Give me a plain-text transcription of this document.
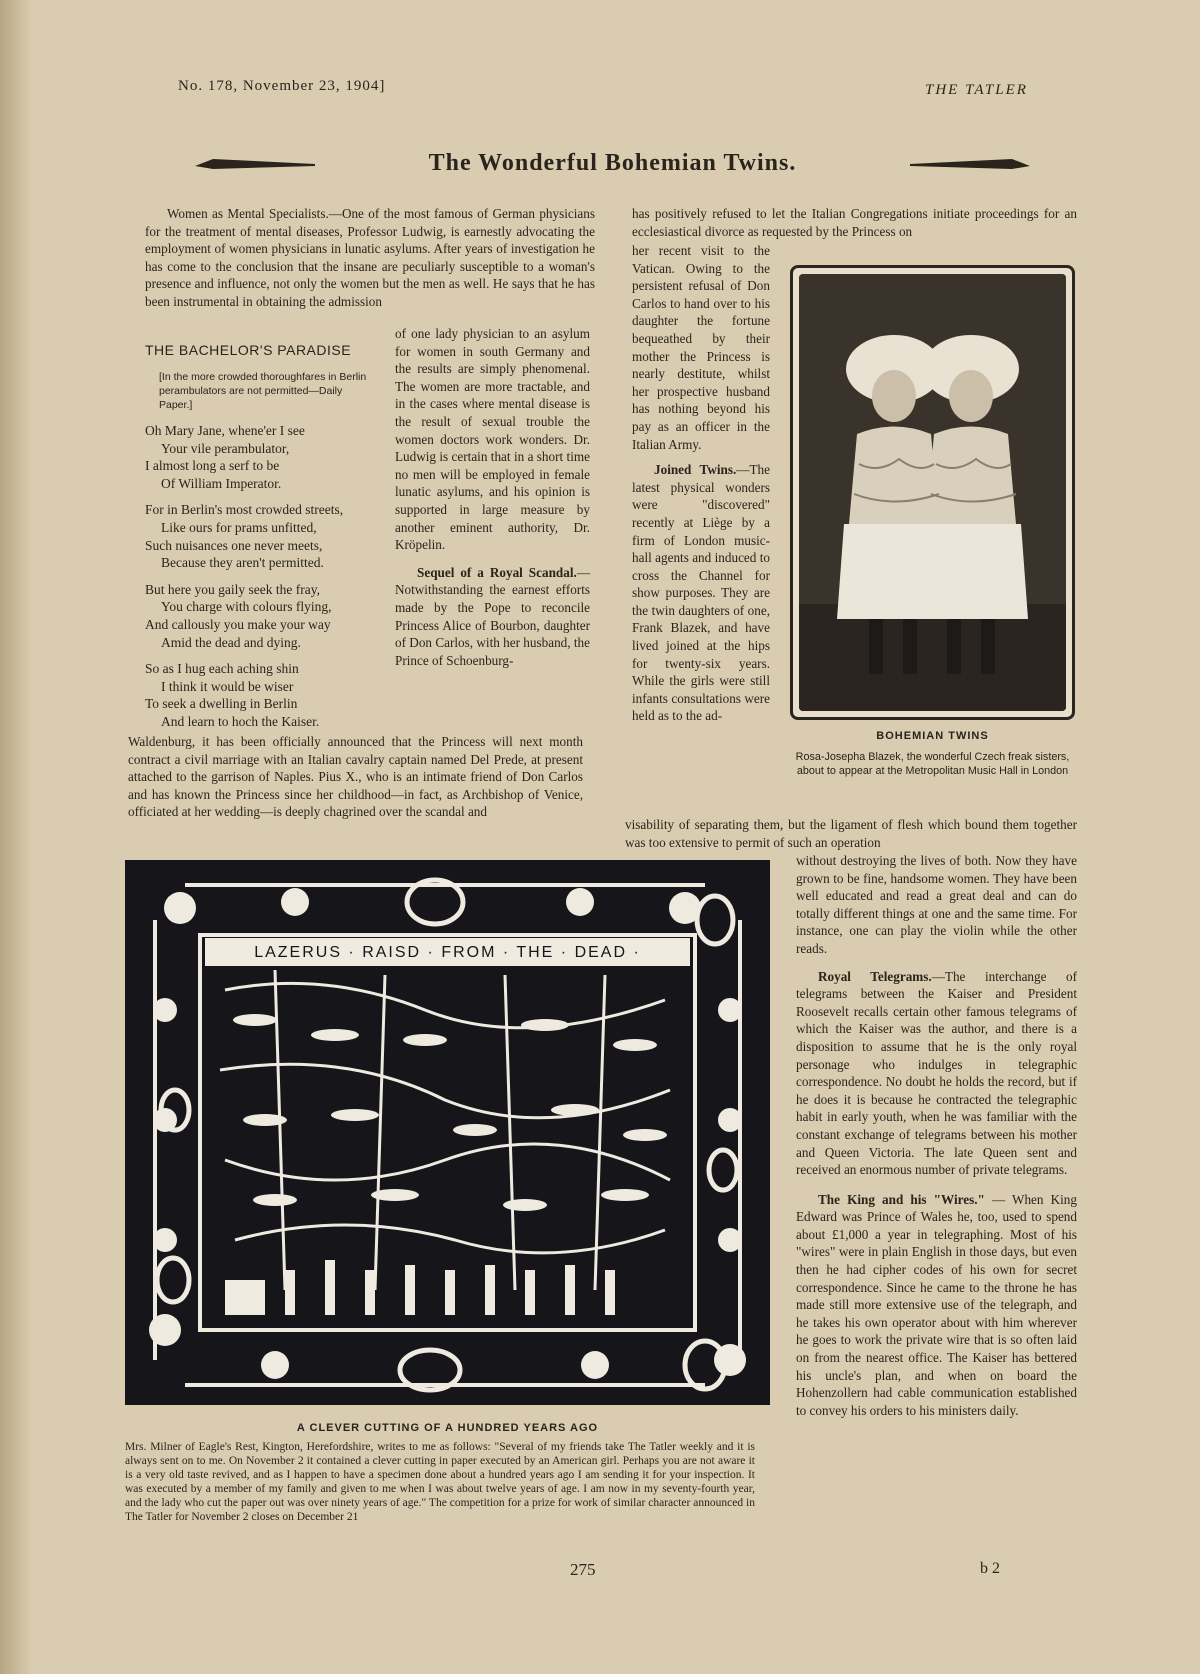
No. 178, November 23, 1904]	THE TATLER
The Wonderful Bohemian Twins.

Women as Mental Specialists.—One of the most famous of German physicians for the treatment of mental diseases, Professor Ludwig, is earnestly advocating the employment of women physicians in lunatic asylums. After years of investigation he has come to the conclusion that the insane are peculiarly susceptible to a woman's presence and influence, not only the women but the men as well. He says that he has been instrumental in obtaining the admission

THE BACHELOR'S PARADISE
[In the more crowded thoroughfares in Berlin perambulators are not permitted—Daily Paper.]
Oh Mary Jane, whene'er I see
Your vile perambulator,
I almost long a serf to be
Of William Imperator.
For in Berlin's most crowded streets,
Like ours for prams unfitted,
Such nuisances one never meets,
Because they aren't permitted.
But here you gaily seek the fray,
You charge with colours flying,
And callously you make your way
Amid the dead and dying.
So as I hug each aching shin
I think it would be wiser
To seek a dwelling in Berlin
And learn to hoch the Kaiser.

of one lady physician to an asylum for women in south Germany and the results are simply phenomenal. The women are more tractable, and in the cases where mental disease is the result of sexual trouble the women doctors work wonders. Dr. Ludwig is certain that in a short time no men will be employed in female lunatic asylums, and his opinion is supported in large measure by another eminent authority, Dr. Kröpelin.

Sequel of a Royal Scandal.— Notwithstanding the earnest efforts made by the Pope to reconcile Princess Alice of Bourbon, daughter of Don Carlos, with her husband, the Prince of Schoenburg-

Waldenburg, it has been officially announced that the Princess will next month contract a civil marriage with an Italian cavalry captain named Del Prede, at present attached to the garrison of Naples. Pius X., who is an intimate friend of Don Carlos and has known the Princess since her childhood—in fact, as Archbishop of Venice, officiated at her wedding—is deeply chagrined over the scandal and

has positively refused to let the Italian Congregations initiate proceedings for an ecclesiastical divorce as requested by the Princess on

her recent visit to the Vatican. Owing to the persistent refusal of Don Carlos to hand over to his daughter the fortune bequeathed by their mother the Princess is nearly destitute, whilst her prospective husband has nothing beyond his pay as an officer in the Italian Army.

Joined Twins.—The latest physical wonders were "discovered" recently at Liège by a firm of London music-hall agents and induced to cross the Channel for show purposes. They are the twin daughters of one, Frank Blazek, and have lived joined at the hips for twenty-six years. While the girls were still infants consultations were held as to the ad-

BOHEMIAN TWINS
Rosa-Josepha Blazek, the wonderful Czech freak sisters, about to appear at the Metropolitan Music Hall in London

visability of separating them, but the ligament of flesh which bound them together was too extensive to permit of such an operation

without destroying the lives of both. Now they have grown to be fine, handsome women. They have been well educated and read a great deal and can do totally different things at one and the same time. For instance, one can play the violin while the other reads.

Royal Telegrams.—The interchange of telegrams between the Kaiser and President Roosevelt recalls certain other famous telegrams of which the Kaiser was the author, and there is a disposition to assume that he is the only royal personage who indulges in telegraphic correspondence. No doubt he holds the record, but if he does it is because he contracted the telegraphic habit in early youth, when he was familiar with the constant exchange of telegrams between his mother and Queen Victoria. The late Queen sent and received an enormous number of private telegrams.

The King and his "Wires." — When King Edward was Prince of Wales he, too, used to spend about £1,000 a year in telegraphing. Most of his "wires" were in plain English in those days, but even then he had cipher codes of his own for secret correspondence. Since he came to the throne he has made still more extensive use of the telegraph, and he takes his own operator about with him wherever he goes to work the private wire that is so often laid on from the nearest office. The Kaiser has bettered his uncle's plan, and when on board the Hohenzollern had cable communication established to convey his orders to his ministers daily.

LAZERUS · RAISD · FROM · THE · DEAD ·
A CLEVER CUTTING OF A HUNDRED YEARS AGO
Mrs. Milner of Eagle's Rest, Kington, Herefordshire, writes to me as follows: "Several of my friends take The Tatler weekly and it is always sent on to me. On November 2 it contained a clever cutting in paper executed by an American girl. Perhaps you are not aware it is a very old taste revived, and as I happen to have a specimen done about a hundred years ago I am sending it for your inspection. It was executed by a member of my family and given to me when I was about twelve years of age. I am now in my seventy-fourth year, and the lady who cut the paper out was over ninety years of age." The competition for a prize for work of similar character announced in The Tatler for November 2 closes on December 21
275	b 2
